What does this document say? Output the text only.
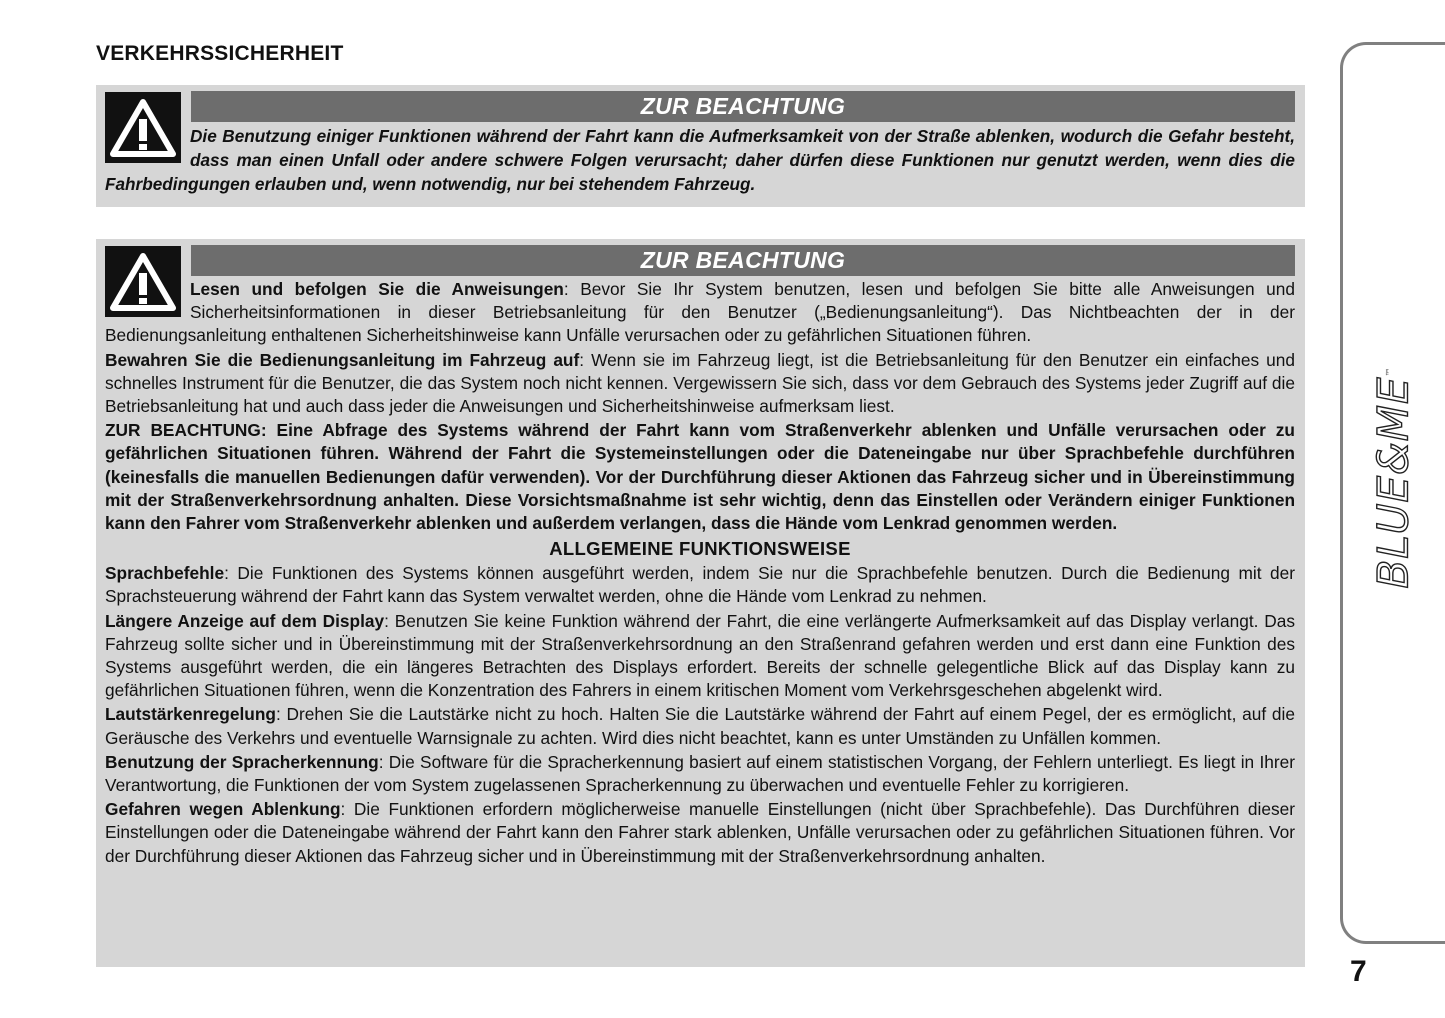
VERKEHRSSICHERHEIT
ZUR BEACHTUNG

Die Benutzung einiger Funktionen während der Fahrt kann die Aufmerksamkeit von der Straße ablenken, wodurch die Gefahr besteht, dass man einen Unfall oder andere schwere Folgen verursacht; daher dürfen diese Funktionen nur genutzt werden, wenn dies die Fahrbedingungen erlauben und, wenn notwendig, nur bei stehendem Fahrzeug.

ZUR BEACHTUNG

Lesen und befolgen Sie die Anweisungen: Bevor Sie Ihr System benutzen, lesen und befolgen Sie bitte alle Anweisungen und Sicherheitsinformationen in dieser Betriebsanleitung für den Benutzer („Bedienungsanleitung“). Das Nichtbeachten der in der Bedienungsanleitung enthaltenen Sicherheitshinweise kann Unfälle verursachen oder zu gefährlichen Situationen führen.

Bewahren Sie die Bedienungsanleitung im Fahrzeug auf: Wenn sie im Fahrzeug liegt, ist die Betriebsanleitung für den Benutzer ein einfaches und schnelles Instrument für die Benutzer, die das System noch nicht kennen. Vergewissern Sie sich, dass vor dem Gebrauch des Systems jeder Zugriff auf die Betriebsanleitung hat und auch dass jeder die Anweisungen und Sicherheitshinweise aufmerksam liest.

ZUR BEACHTUNG: Eine Abfrage des Systems während der Fahrt kann vom Straßenverkehr ablenken und Unfälle verursachen oder zu gefährlichen Situationen führen. Während der Fahrt die Systemeinstellungen oder die Dateneingabe nur über Sprachbefehle durchführen (keinesfalls die manuellen Bedienungen dafür verwenden). Vor der Durchführung dieser Aktionen das Fahrzeug sicher und in Übereinstimmung mit der Straßenverkehrsordnung anhalten. Diese Vorsichtsmaßnahme ist sehr wichtig, denn das Einstellen oder Verändern einiger Funktionen kann den Fahrer vom Straßenverkehr ablenken und außerdem verlangen, dass die Hände vom Lenkrad genommen werden.

ALLGEMEINE FUNKTIONSWEISE

Sprachbefehle: Die Funktionen des Systems können ausgeführt werden, indem Sie nur die Sprachbefehle benutzen. Durch die Bedienung mit der Sprachsteuerung während der Fahrt kann das System verwaltet werden, ohne die Hände vom Lenkrad zu nehmen.

Längere Anzeige auf dem Display: Benutzen Sie keine Funktion während der Fahrt, die eine verlängerte Aufmerksamkeit auf das Display verlangt. Das Fahrzeug sollte sicher und in Übereinstimmung mit der Straßenverkehrsordnung an den Straßenrand gefahren werden und erst dann eine Funktion des Systems ausgeführt werden, die ein längeres Betrachten des Displays erfordert. Bereits der schnelle gelegentliche Blick auf das Display kann zu gefährlichen Situationen führen, wenn die Konzentration des Fahrers in einem kritischen Moment vom Verkehrsgeschehen abgelenkt wird.

Lautstärkenregelung: Drehen Sie die Lautstärke nicht zu hoch. Halten Sie die Lautstärke während der Fahrt auf einem Pegel, der es ermöglicht, auf die Geräusche des Verkehrs und eventuelle Warnsignale zu achten. Wird dies nicht beachtet, kann es unter Umständen zu Unfällen kommen.

Benutzung der Spracherkennung: Die Software für die Spracherkennung basiert auf einem statistischen Vorgang, der Fehlern unterliegt. Es liegt in Ihrer Verantwortung, die Funktionen der vom System zugelassenen Spracherkennung zu überwachen und eventuelle Fehler zu korrigieren.

Gefahren wegen Ablenkung: Die Funktionen erfordern möglicherweise manuelle Einstellungen (nicht über Sprachbefehle). Das Durchführen dieser Einstellungen oder die Dateneingabe während der Fahrt kann den Fahrer stark ablenken, Unfälle verursachen oder zu gefährlichen Situationen führen. Vor der Durchführung dieser Aktionen das Fahrzeug sicher und in Übereinstimmung mit der Straßenverkehrsordnung anhalten.

BLUE&ME™
7
